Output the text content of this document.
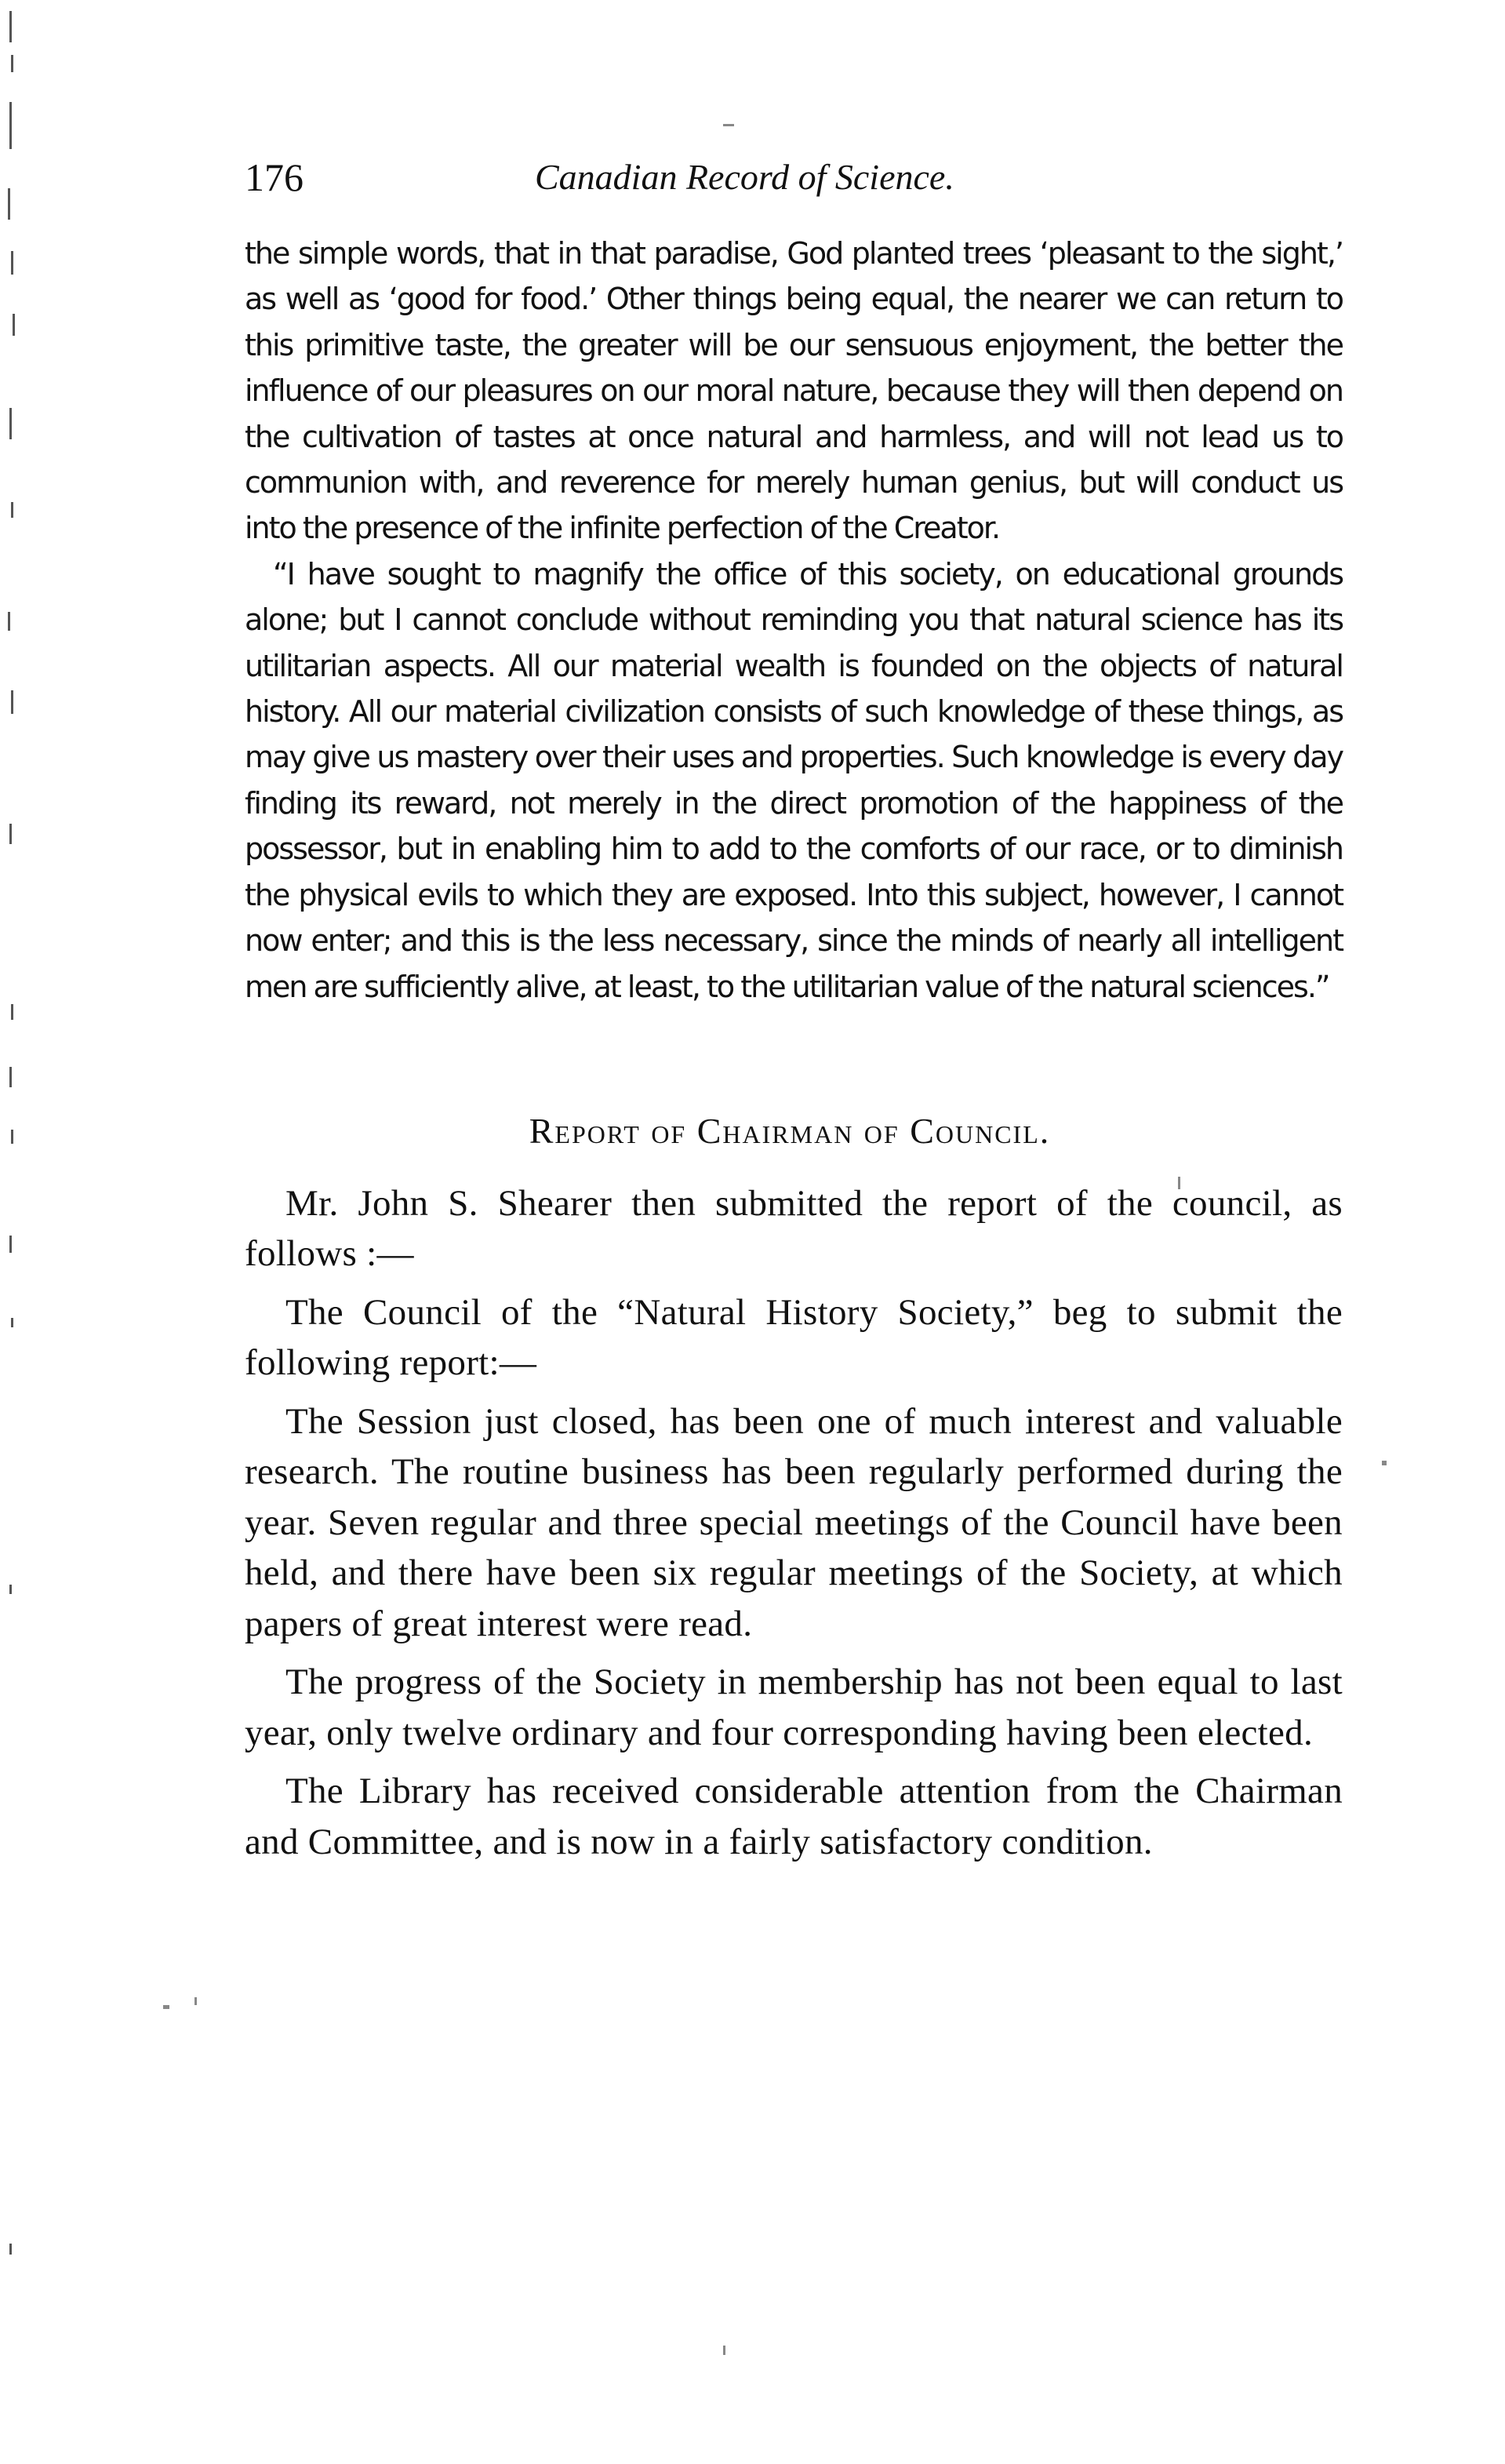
176	Canadian Record of Science.

the simple words, that in that paradise, God planted trees ‘pleasant to the sight,’ as well as ‘good for food.’ Other things being equal, the nearer we can return to this primitive taste, the greater will be our sensuous enjoyment, the better the influence of our pleasures on our moral nature, because they will then depend on the cultivation of tastes at once natural and harmless, and will not lead us to communion with, and reverence for merely human genius, but will conduct us into the presence of the infinite perfection of the Creator.

“I have sought to magnify the office of this society, on educational grounds alone; but I cannot conclude without reminding you that natural science has its utilitarian aspects. All our material wealth is founded on the objects of natural history. All our material civilization consists of such knowledge of these things, as may give us mastery over their uses and properties. Such knowledge is every day finding its reward, not merely in the direct promotion of the happiness of the possessor, but in enabling him to add to the comforts of our race, or to diminish the physical evils to which they are exposed. Into this subject, however, I cannot now enter; and this is the less necessary, since the minds of nearly all intelligent men are sufficiently alive, at least, to the utilitarian value of the natural sciences.”

Report of Chairman of Council.

Mr. John S. Shearer then submitted the report of the council, as follows :—

The Council of the “Natural History Society,” beg to submit the following report:—

The Session just closed, has been one of much interest and valuable research. The routine business has been regularly performed during the year. Seven regular and three special meetings of the Council have been held, and there have been six regular meetings of the Society, at which papers of great interest were read.

The progress of the Society in membership has not been equal to last year, only twelve ordinary and four corresponding having been elected.

The Library has received considerable attention from the Chairman and Committee, and is now in a fairly satisfactory condition.
